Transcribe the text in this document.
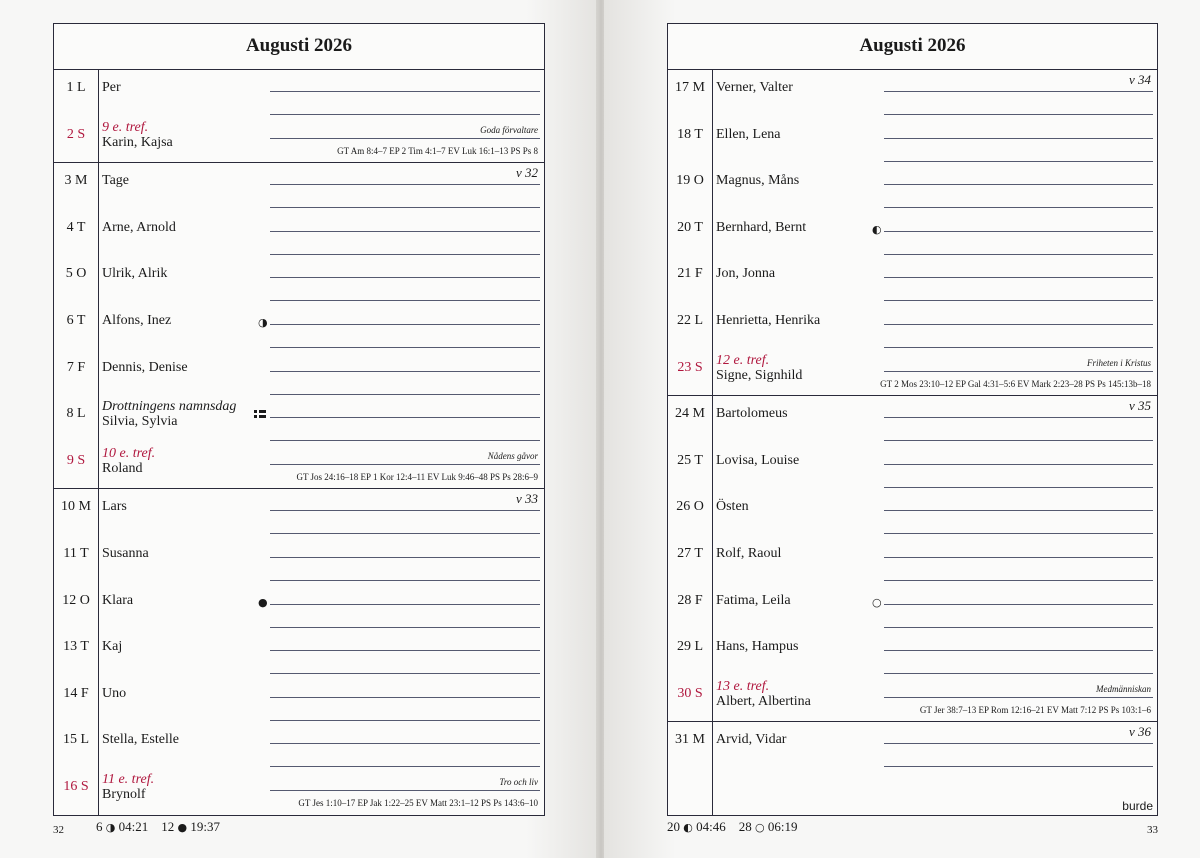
Augusti 2026
1 L	Per
2 S	9 e. tref.
Karin, Kajsa
Goda förvaltare
GT Am 8:4–7 EP 2 Tim 4:1–7 EV Luk 16:1–13 PS Ps 8
3 M	Tage
v 32
4 T	Arne, Arnold
5 O	Ulrik, Alrik
6 T	Alfons, Inez	◑
7 F	Dennis, Denise
8 L	Drottningens namnsdag
Silvia, Sylvia
9 S	10 e. tref.
Roland
Nådens gåvor
GT Jos 24:16–18 EP 1 Kor 12:4–11 EV Luk 9:46–48 PS Ps 28:6–9
10 M Lars
v 33
11 T Susanna
12 O Klara	●
13 T Kaj
14 F Uno
15 L Stella, Estelle
16 S 11 e. tref.
Brynolf
Tro och liv
GT Jes 1:10–17 EP Jak 1:22–25 EV Matt 23:1–12 PS Ps 143:6–10
32 6 ◑ 04:21 12 ● 19:37
Augusti 2026
17 M Verner, Valter
v 34
18 T Ellen, Lena
19 O Magnus, Måns
20 T Bernhard, Bernt	◐
21 F Jon, Jonna
22 L Henrietta, Henrika
23 S 12 e. tref.
Signe, Signhild
Friheten i Kristus
GT 2 Mos 23:10–12 EP Gal 4:31–5:6 EV Mark 2:23–28 PS Ps 145:13b–18
24 M Bartolomeus
v 35
25 T Lovisa, Louise
26 O Östen
27 T Rolf, Raoul
28 F Fatima, Leila	○
29 L Hans, Hampus
30 S 13 e. tref.
Albert, Albertina
Medmänniskan
GT Jer 38:7–13 EP Rom 12:16–21 EV Matt 7:12 PS Ps 103:1–6
31 M Arvid, Vidar
v 36
burde
20 ◐ 04:46 28 ○ 06:19	33
